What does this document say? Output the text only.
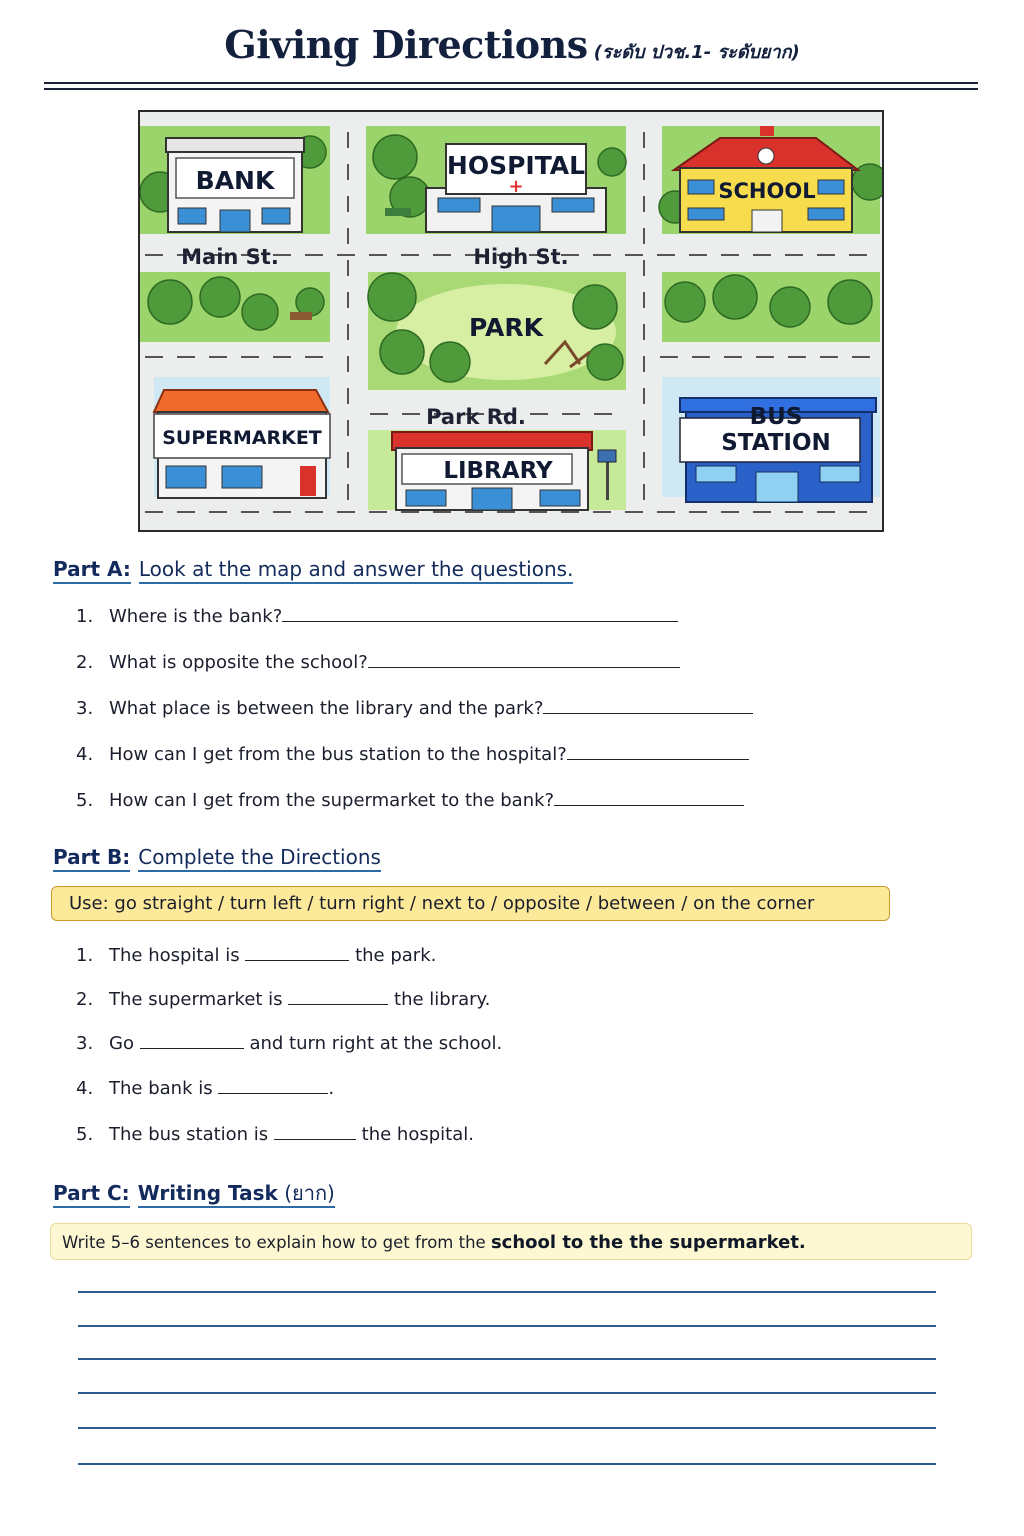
Giving Directions (ระดับ ปวช.1- ระดับยาก)
BANK	+
HOSPITAL
SCHOOL
Main St.	High St.
Park Rd.
PARK
SUPERMARKET
LIBRARY
BUS
STATION
Part A: Look at the map and answer the questions.
1. Where is the bank?
2. What is opposite the school?
3. What place is between the library and the park?
4. How can I get from the bus station to the hospital?
5. How can I get from the supermarket to the bank?
Part B: Complete the Directions
Use: go straight / turn left / turn right / next to / opposite / between / on the corner
1. The hospital is	the park.
2. The supermarket is	the library.
3. Go	and turn right at the school.
4. The bank is	.
5. The bus station is	the hospital.
Part C: Writing Task (ยาก)
Write 5–6 sentences to explain how to get from the school to the the supermarket.
